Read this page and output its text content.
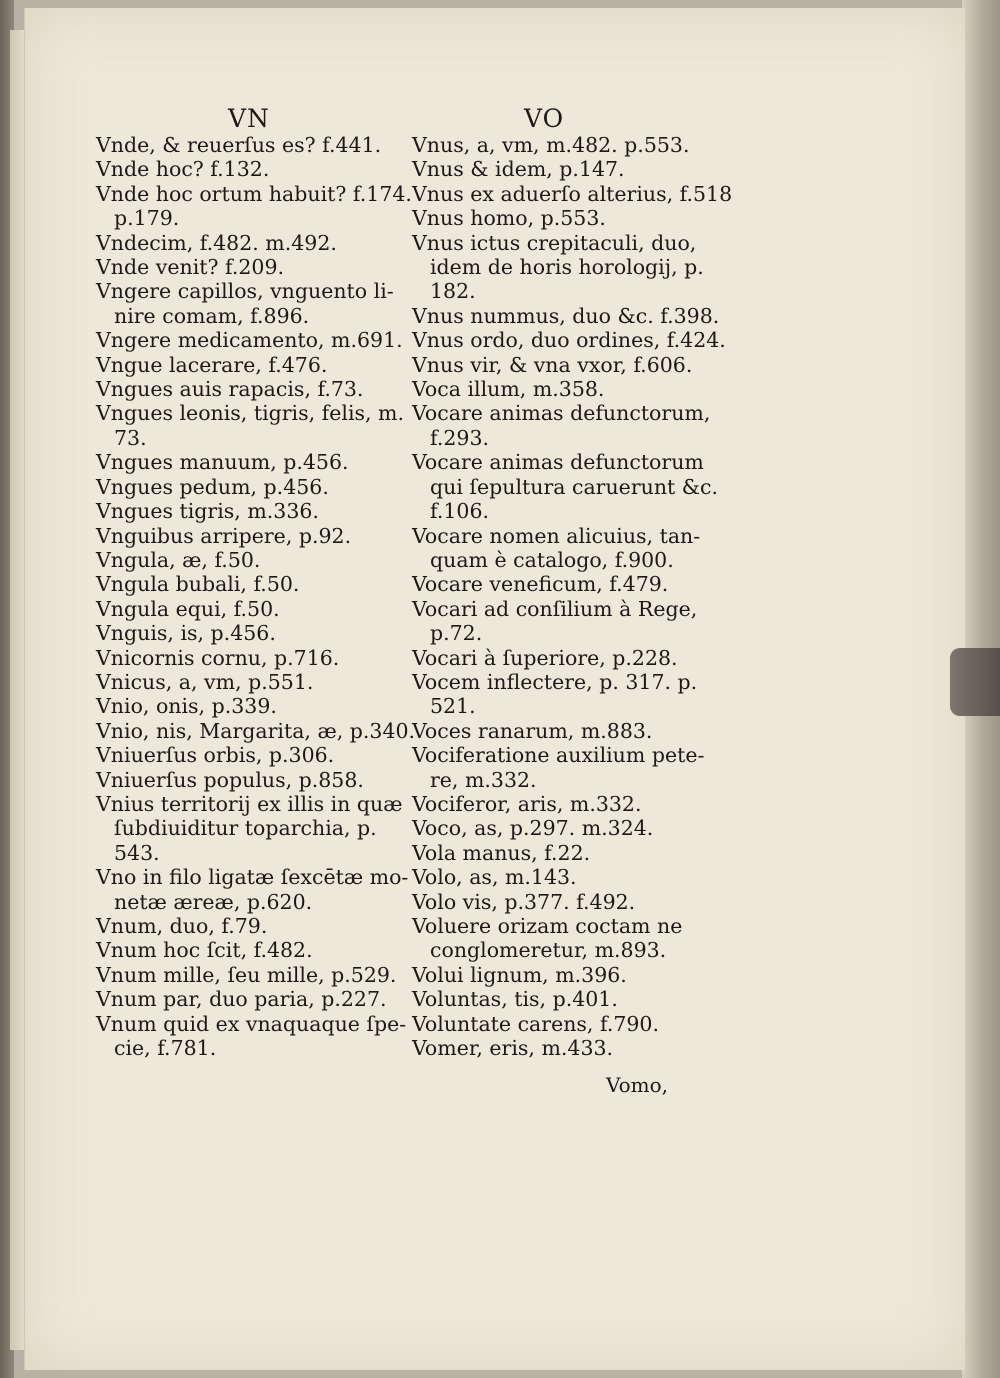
VN	VO
Vnde, & reuerſus es? f.441.
Vnde hoc? f.132.
Vnde hoc ortum habuit? f.174.
p.179.
Vndecim, f.482. m.492.
Vnde venit? f.209.
Vngere capillos, vnguento li-
nire comam, f.896.
Vngere medicamento, m.691.
Vngue lacerare, f.476.
Vngues auis rapacis, f.73.
Vngues leonis, tigris, felis, m.
73.
Vngues manuum, p.456.
Vngues pedum, p.456.
Vngues tigris, m.336.
Vnguibus arripere, p.92.
Vngula, æ, f.50.
Vngula bubali, f.50.
Vngula equi, f.50.
Vnguis, is, p.456.
Vnicornis cornu, p.716.
Vnicus, a, vm, p.551.
Vnio, onis, p.339.
Vnio, nis, Margarita, æ, p.340.
Vniuerſus orbis, p.306.
Vniuerſus populus, p.858.
Vnius territorij ex illis in quæ
ſubdiuiditur toparchia, p.
543.
Vno in filo ligatæ ſexcētæ mo-
netæ æreæ, p.620.
Vnum, duo, f.79.
Vnum hoc ſcit, f.482.
Vnum mille, ſeu mille, p.529.
Vnum par, duo paria, p.227.
Vnum quid ex vnaquaque ſpe-
cie, f.781.
Vnus, a, vm, m.482. p.553.
Vnus & idem, p.147.
Vnus ex aduerſo alterius, f.518
Vnus homo, p.553.
Vnus ictus crepitaculi, duo,
idem de horis horologij, p.
182.
Vnus nummus, duo &c. f.398.
Vnus ordo, duo ordines, f.424.
Vnus vir, & vna vxor, f.606.
Voca illum, m.358.
Vocare animas defunctorum,
f.293.
Vocare animas defunctorum
qui ſepultura caruerunt &c.
f.106.
Vocare nomen alicuius, tan-
quam è catalogo, f.900.
Vocare veneficum, f.479.
Vocari ad conſilium à Rege,
p.72.
Vocari à ſuperiore, p.228.
Vocem inflectere, p. 317. p.
521.
Voces ranarum, m.883.
Vociferatione auxilium pete-
re, m.332.
Vociferor, aris, m.332.
Voco, as, p.297. m.324.
Vola manus, f.22.
Volo, as, m.143.
Volo vis, p.377. f.492.
Voluere orizam coctam ne
conglomeretur, m.893.
Volui lignum, m.396.
Voluntas, tis, p.401.
Voluntate carens, f.790.
Vomer, eris, m.433.
Vomo,
